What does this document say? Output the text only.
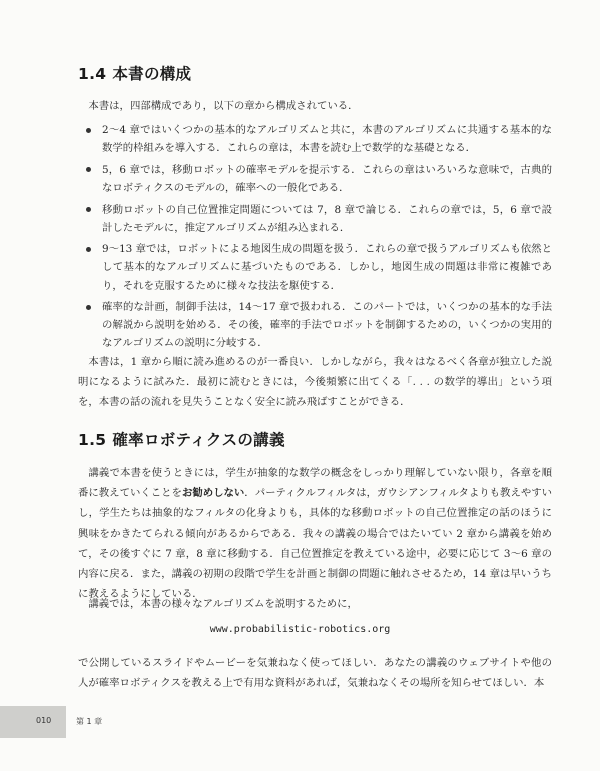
1.4 本書の構成

本書は，四部構成であり，以下の章から構成されている．

2〜4 章ではいくつかの基本的なアルゴリズムと共に，本書のアルゴリズムに共通する基本的な数学的枠組みを導入する．これらの章は，本書を読む上で数学的な基礎となる．
5，6 章では，移動ロボットの確率モデルを提示する．これらの章はいろいろな意味で，古典的なロボティクスのモデルの，確率への一般化である．
移動ロボットの自己位置推定問題については 7，8 章で論じる．これらの章では，5，6 章で設計したモデルに，推定アルゴリズムが組み込まれる．
9〜13 章では，ロボットによる地図生成の問題を扱う．これらの章で扱うアルゴリズムも依然として基本的なアルゴリズムに基づいたものである．しかし，地図生成の問題は非常に複雑であり，それを克服するために様々な技法を駆使する．
確率的な計画，制御手法は，14〜17 章で扱われる．このパートでは，いくつかの基本的な手法の解説から説明を始める．その後，確率的手法でロボットを制御するための，いくつかの実用的なアルゴリズムの説明に分岐する．

本書は，1 章から順に読み進めるのが一番良い．しかしながら，我々はなるべく各章が独立した説明になるように試みた．最初に読むときには，今後頻繁に出てくる「. . . の数学的導出」という項を，本書の話の流れを見失うことなく安全に読み飛ばすことができる．

1.5 確率ロボティクスの講義

講義で本書を使うときには，学生が抽象的な数学の概念をしっかり理解していない限り，各章を順番に教えていくことをお勧めしない．パーティクルフィルタは，ガウシアンフィルタよりも教えやすいし，学生たちは抽象的なフィルタの化身よりも，具体的な移動ロボットの自己位置推定の話のほうに興味をかきたてられる傾向があるからである．我々の講義の場合ではたいてい 2 章から講義を始めて，その後すぐに 7 章，8 章に移動する．自己位置推定を教えている途中，必要に応じて 3〜6 章の内容に戻る．また，講義の初期の段階で学生を計画と制御の問題に触れさせるため，14 章は早いうちに教えるようにしている．

講義では，本書の様々なアルゴリズムを説明するために，

www.probabilistic-robotics.org

で公開しているスライドやムービーを気兼ねなく使ってほしい．あなたの講義のウェブサイトや他の人が確率ロボティクスを教える上で有用な資料があれば，気兼ねなくその場所を知らせてほしい．本

010	第 1 章
